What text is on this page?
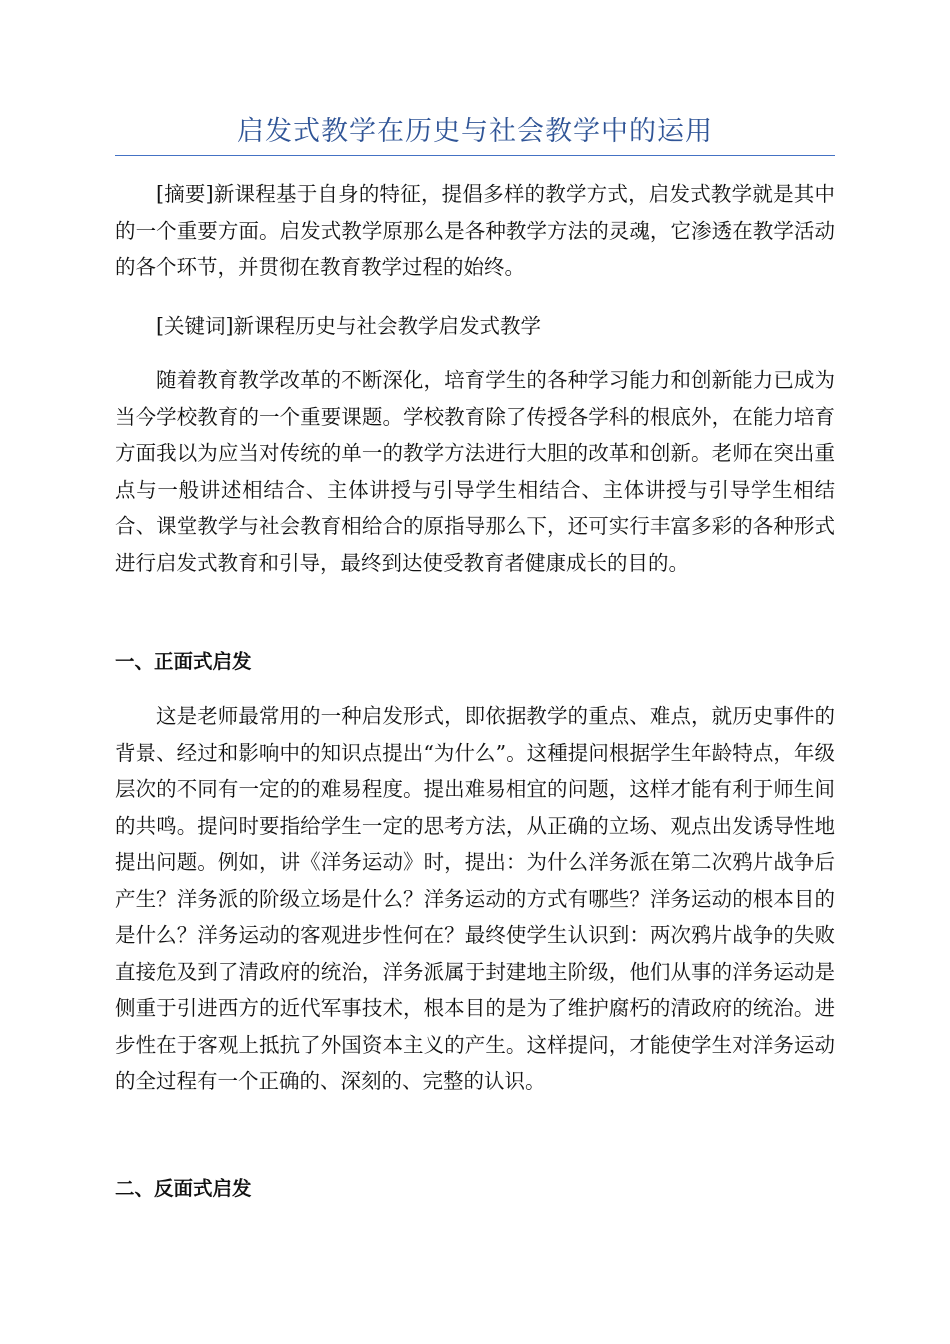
启发式教学在历史与社会教学中的运用

[摘要]新课程基于自身的特征，提倡多样的教学方式，启发式教学就是其中的一个重要方面。启发式教学原那么是各种教学方法的灵魂，它渗透在教学活动的各个环节，并贯彻在教育教学过程的始终。

[关键词]新课程历史与社会教学启发式教学

随着教育教学改革的不断深化，培育学生的各种学习能力和创新能力已成为当今学校教育的一个重要课题。学校教育除了传授各学科的根底外，在能力培育方面我以为应当对传统的单一的教学方法进行大胆的改革和创新。老师在突出重点与一般讲述相结合、主体讲授与引导学生相结合、主体讲授与引导学生相结合、课堂教学与社会教育相给合的原指导那么下，还可实行丰富多彩的各种形式进行启发式教育和引导，最终到达使受教育者健康成长的目的。

一、正面式启发

这是老师最常用的一种启发形式，即依据教学的重点、难点，就历史事件的背景、经过和影响中的知识点提出“为什么”。这種提问根据学生年龄特点，年级层次的不同有一定的的难易程度。提出难易相宜的问题，这样才能有利于师生间的共鸣。提问时要指给学生一定的思考方法，从正确的立场、观点出发诱导性地提出问题。例如，讲《洋务运动》时，提出：为什么洋务派在第二次鸦片战争后产生？洋务派的阶级立场是什么？洋务运动的方式有哪些？洋务运动的根本目的是什么？洋务运动的客观进步性何在？最终使学生认识到：两次鸦片战争的失败直接危及到了清政府的统治，洋务派属于封建地主阶级，他们从事的洋务运动是侧重于引进西方的近代军事技术，根本目的是为了维护腐朽的清政府的统治。进步性在于客观上抵抗了外国资本主义的产生。这样提问，才能使学生对洋务运动的全过程有一个正确的、深刻的、完整的认识。

二、反面式启发
